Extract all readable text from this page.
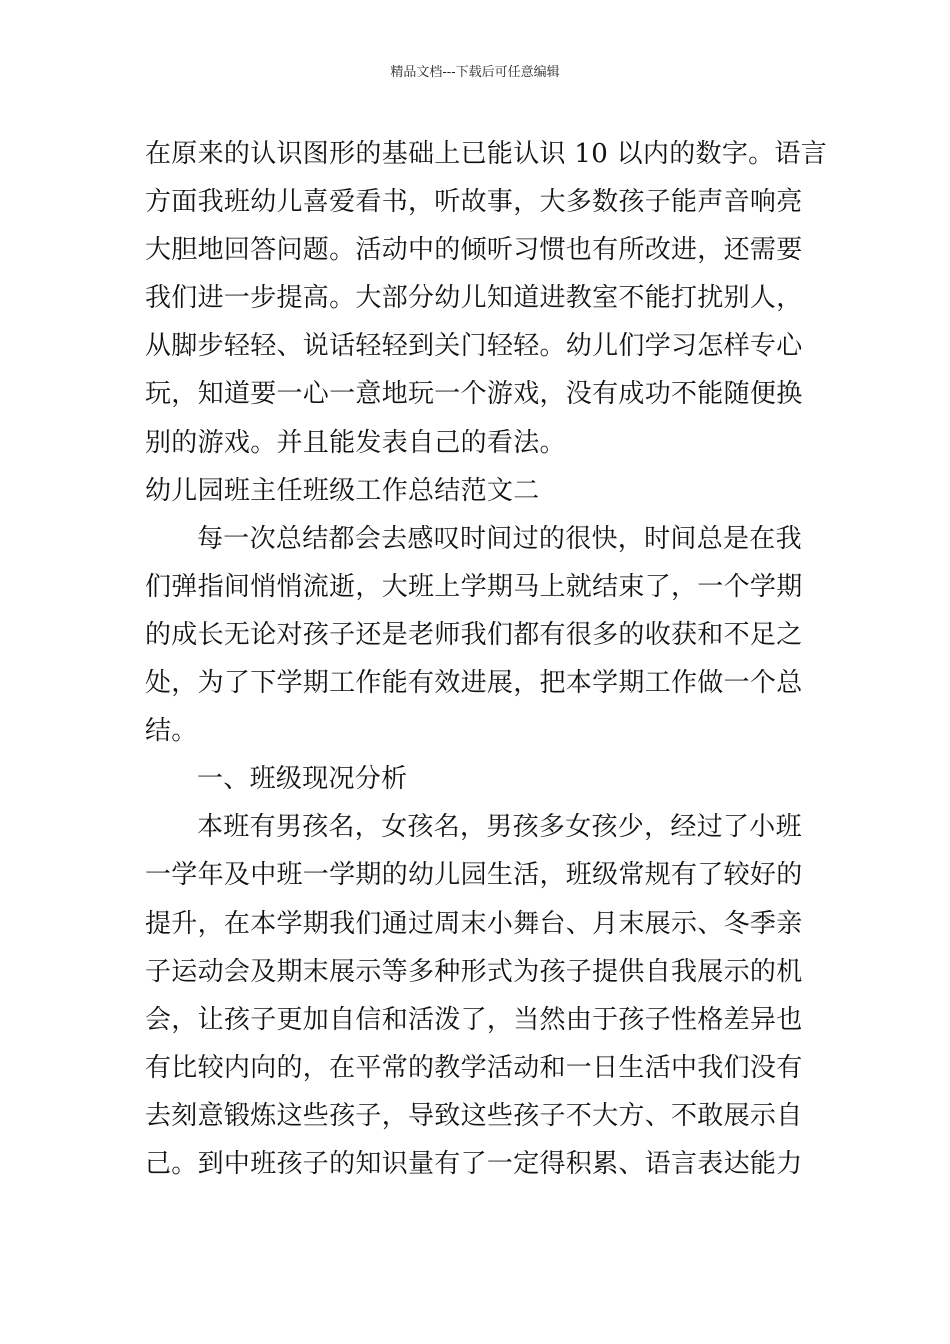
精品文档---下载后可任意编辑
在原来的认识图形的基础上已能认识 10 以内的数字。语言
方面我班幼儿喜爱看书，听故事，大多数孩子能声音响亮
大胆地回答问题。活动中的倾听习惯也有所改进，还需要
我们进一步提高。大部分幼儿知道进教室不能打扰别人，
从脚步轻轻、说话轻轻到关门轻轻。幼儿们学习怎样专心
玩，知道要一心一意地玩一个游戏，没有成功不能随便换
别的游戏。并且能发表自己的看法。
幼儿园班主任班级工作总结范文二
每一次总结都会去感叹时间过的很快，时间总是在我
们弹指间悄悄流逝，大班上学期马上就结束了，一个学期
的成长无论对孩子还是老师我们都有很多的收获和不足之
处，为了下学期工作能有效进展，把本学期工作做一个总
结。
一、班级现况分析
本班有男孩名，女孩名，男孩多女孩少，经过了小班
一学年及中班一学期的幼儿园生活，班级常规有了较好的
提升，在本学期我们通过周末小舞台、月末展示、冬季亲
子运动会及期末展示等多种形式为孩子提供自我展示的机
会，让孩子更加自信和活泼了，当然由于孩子性格差异也
有比较内向的，在平常的教学活动和一日生活中我们没有
去刻意锻炼这些孩子，导致这些孩子不大方、不敢展示自
己。到中班孩子的知识量有了一定得积累、语言表达能力
